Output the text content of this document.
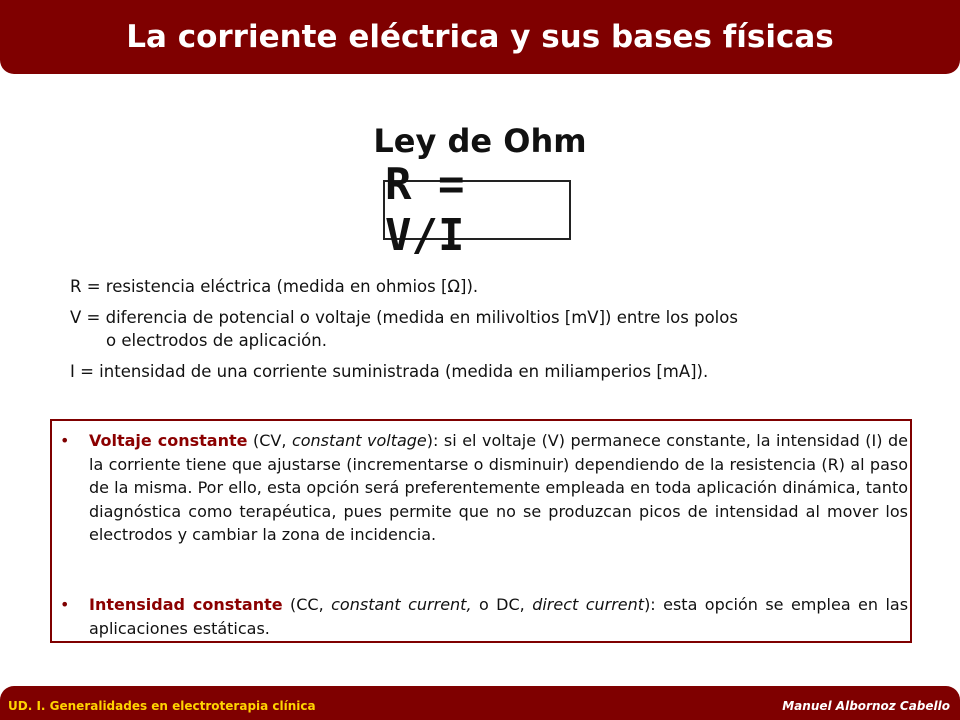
La corriente eléctrica y sus bases físicas
Ley de Ohm
R = V/I
R = resistencia eléctrica (medida en ohmios [Ω]).
V = diferencia de potencial o voltaje (medida en milivoltios [mV]) entre los polos
o electrodos de aplicación.
I = intensidad de una corriente suministrada (medida en miliamperios [mA]).
•	Voltaje constante (CV, constant voltage): si el voltaje (V) permanece constante, la intensidad (I) de la corriente tiene que ajustarse (incrementarse o disminuir) dependiendo de la resistencia (R) al paso de la misma. Por ello, esta opción será preferentemente empleada en toda aplicación dinámica, tanto diagnóstica como terapéutica, pues permite que no se produzcan picos de intensidad al mover los electrodos y cambiar la zona de incidencia.
•	Intensidad constante (CC, constant current, o DC, direct current): esta opción se emplea en las aplicaciones estáticas.
UD. I. Generalidades en electroterapia clínica	Manuel Albornoz Cabello
